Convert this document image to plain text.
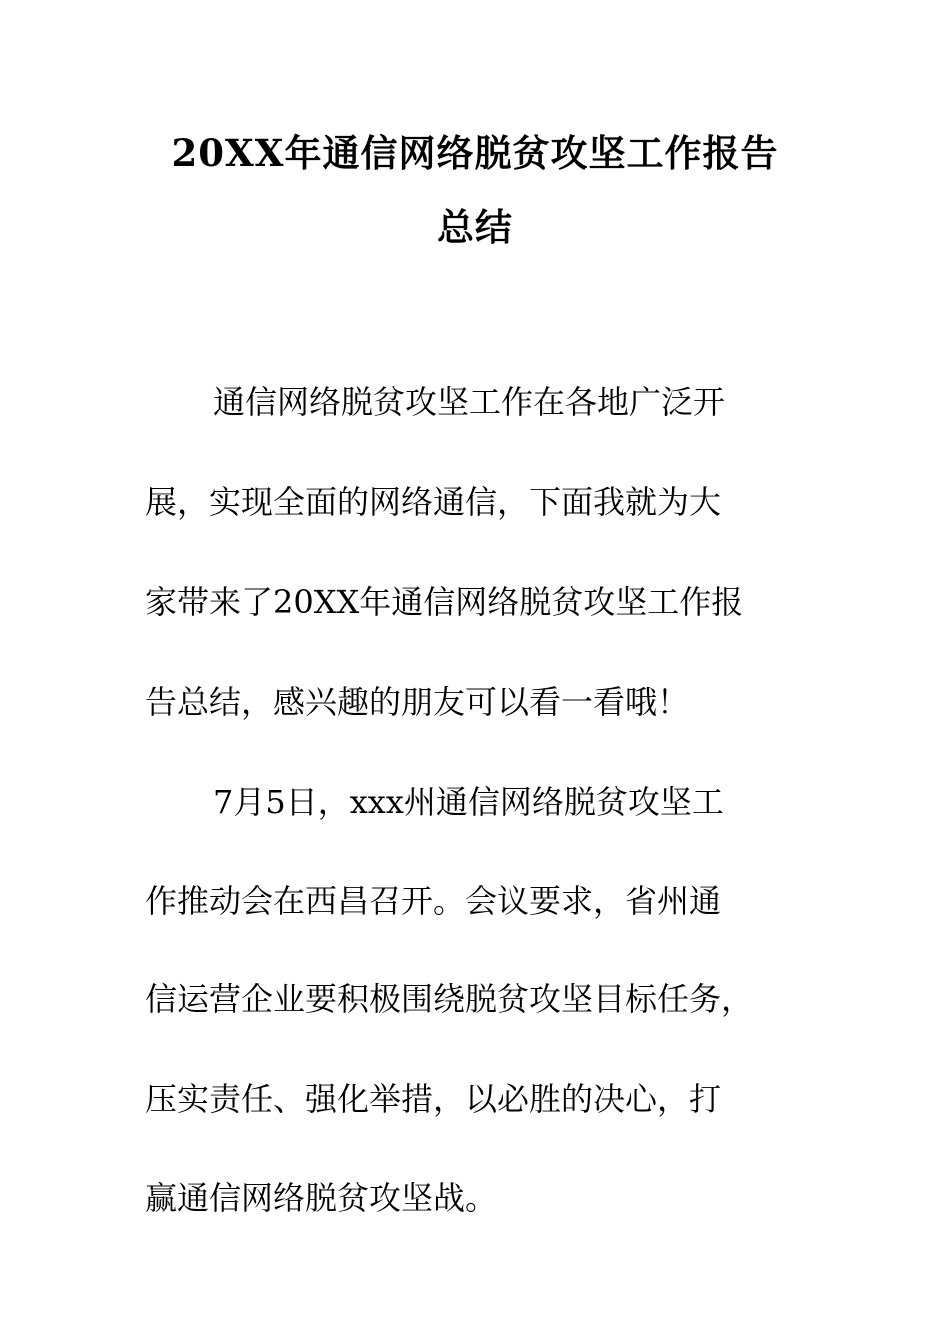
20XX年通信网络脱贫攻坚工作报告
总结

通信网络脱贫攻坚工作在各地广泛开

展，实现全面的网络通信，下面我就为大

家带来了20XX年通信网络脱贫攻坚工作报

告总结，感兴趣的朋友可以看一看哦！

7月5日，xxx州通信网络脱贫攻坚工

作推动会在西昌召开。会议要求，省州通

信运营企业要积极围绕脱贫攻坚目标任务，

压实责任、强化举措，以必胜的决心，打

赢通信网络脱贫攻坚战。
